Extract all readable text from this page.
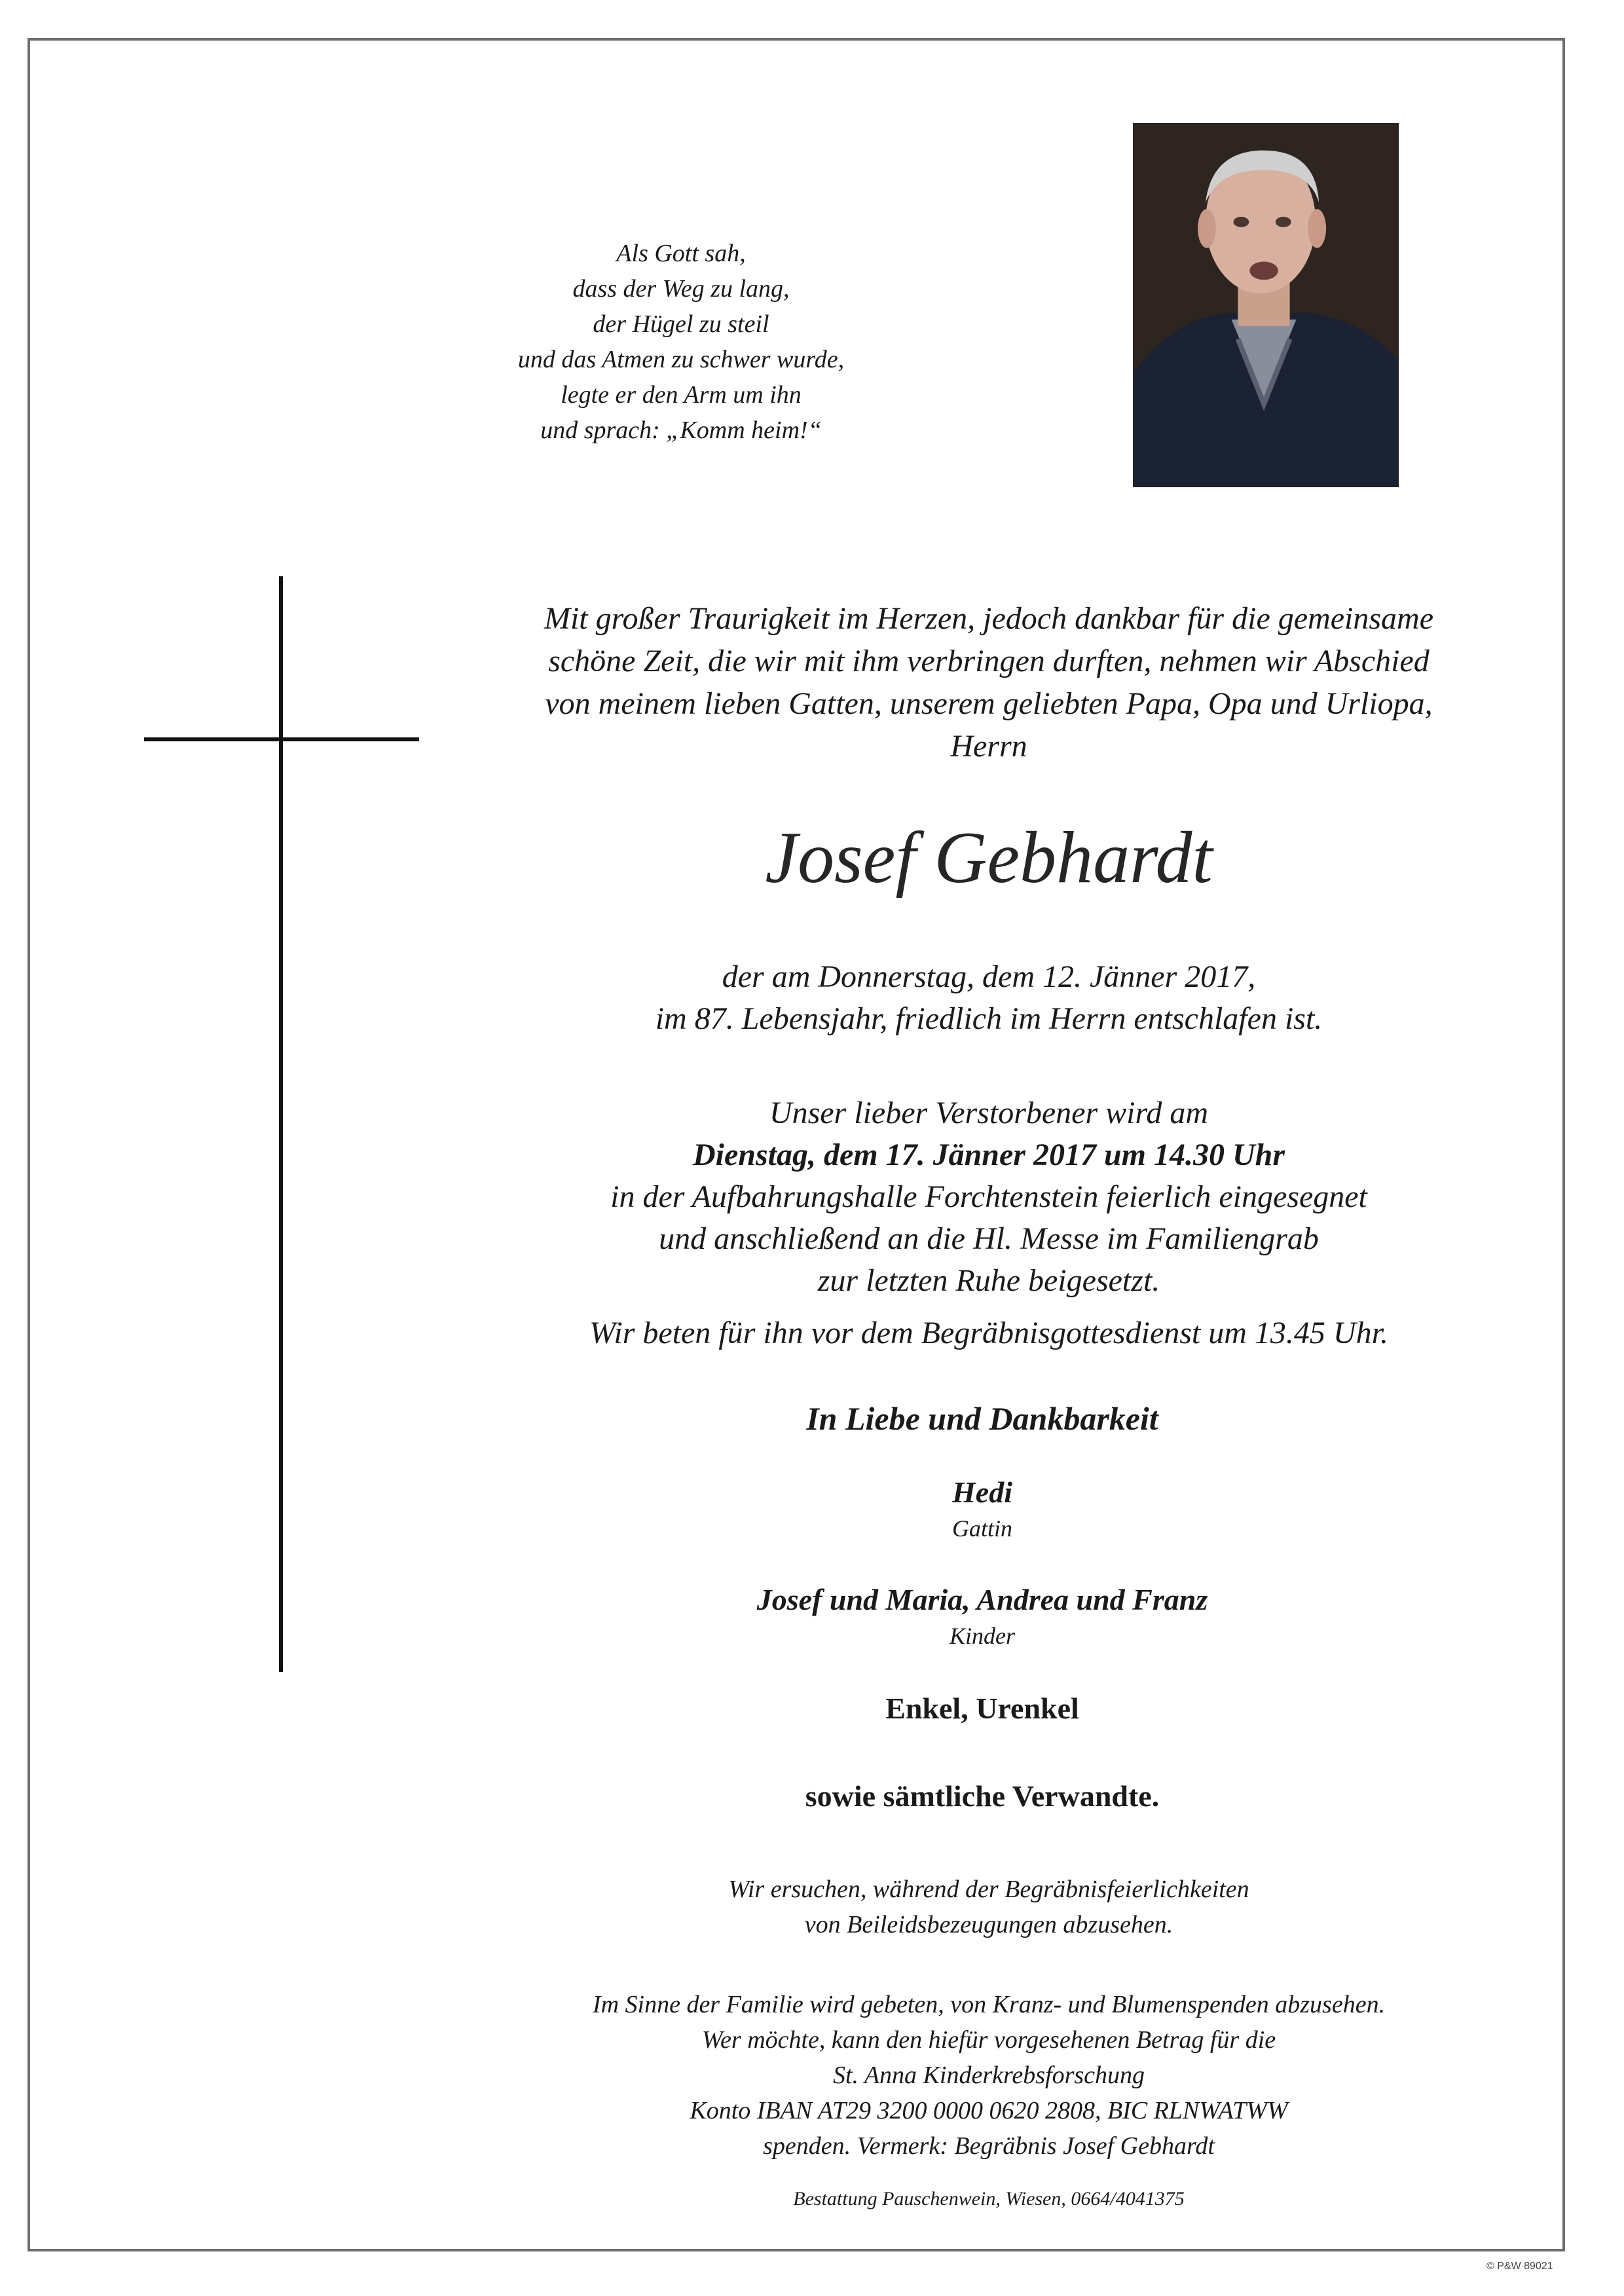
Als Gott sah,
dass der Weg zu lang,
der Hügel zu steil
und das Atmen zu schwer wurde,
legte er den Arm um ihn
und sprach: „Komm heim!“
Mit großer Traurigkeit im Herzen, jedoch dankbar für die gemeinsame
schöne Zeit, die wir mit ihm verbringen durften, nehmen wir Abschied
von meinem lieben Gatten, unserem geliebten Papa, Opa und Urliopa,
Herrn
Josef Gebhardt
der am Donnerstag, dem 12. Jänner 2017,
im 87. Lebensjahr, friedlich im Herrn entschlafen ist.
Unser lieber Verstorbener wird am
Dienstag, dem 17. Jänner 2017 um 14.30 Uhr
in der Aufbahrungshalle Forchtenstein feierlich eingesegnet
und anschließend an die Hl. Messe im Familiengrab
zur letzten Ruhe beigesetzt.
Wir beten für ihn vor dem Begräbnisgottesdienst um 13.45 Uhr.
In Liebe und Dankbarkeit
Hedi
Gattin
Josef und Maria, Andrea und Franz
Kinder
Enkel, Urenkel
sowie sämtliche Verwandte.
Wir ersuchen, während der Begräbnisfeierlichkeiten
von Beileidsbezeugungen abzusehen.
Im Sinne der Familie wird gebeten, von Kranz- und Blumenspenden abzusehen.
Wer möchte, kann den hiefür vorgesehenen Betrag für die
St. Anna Kinderkrebsforschung
Konto IBAN AT29 3200 0000 0620 2808, BIC RLNWATWW
spenden. Vermerk: Begräbnis Josef Gebhardt
Bestattung Pauschenwein, Wiesen, 0664/4041375
© P&W 89021
